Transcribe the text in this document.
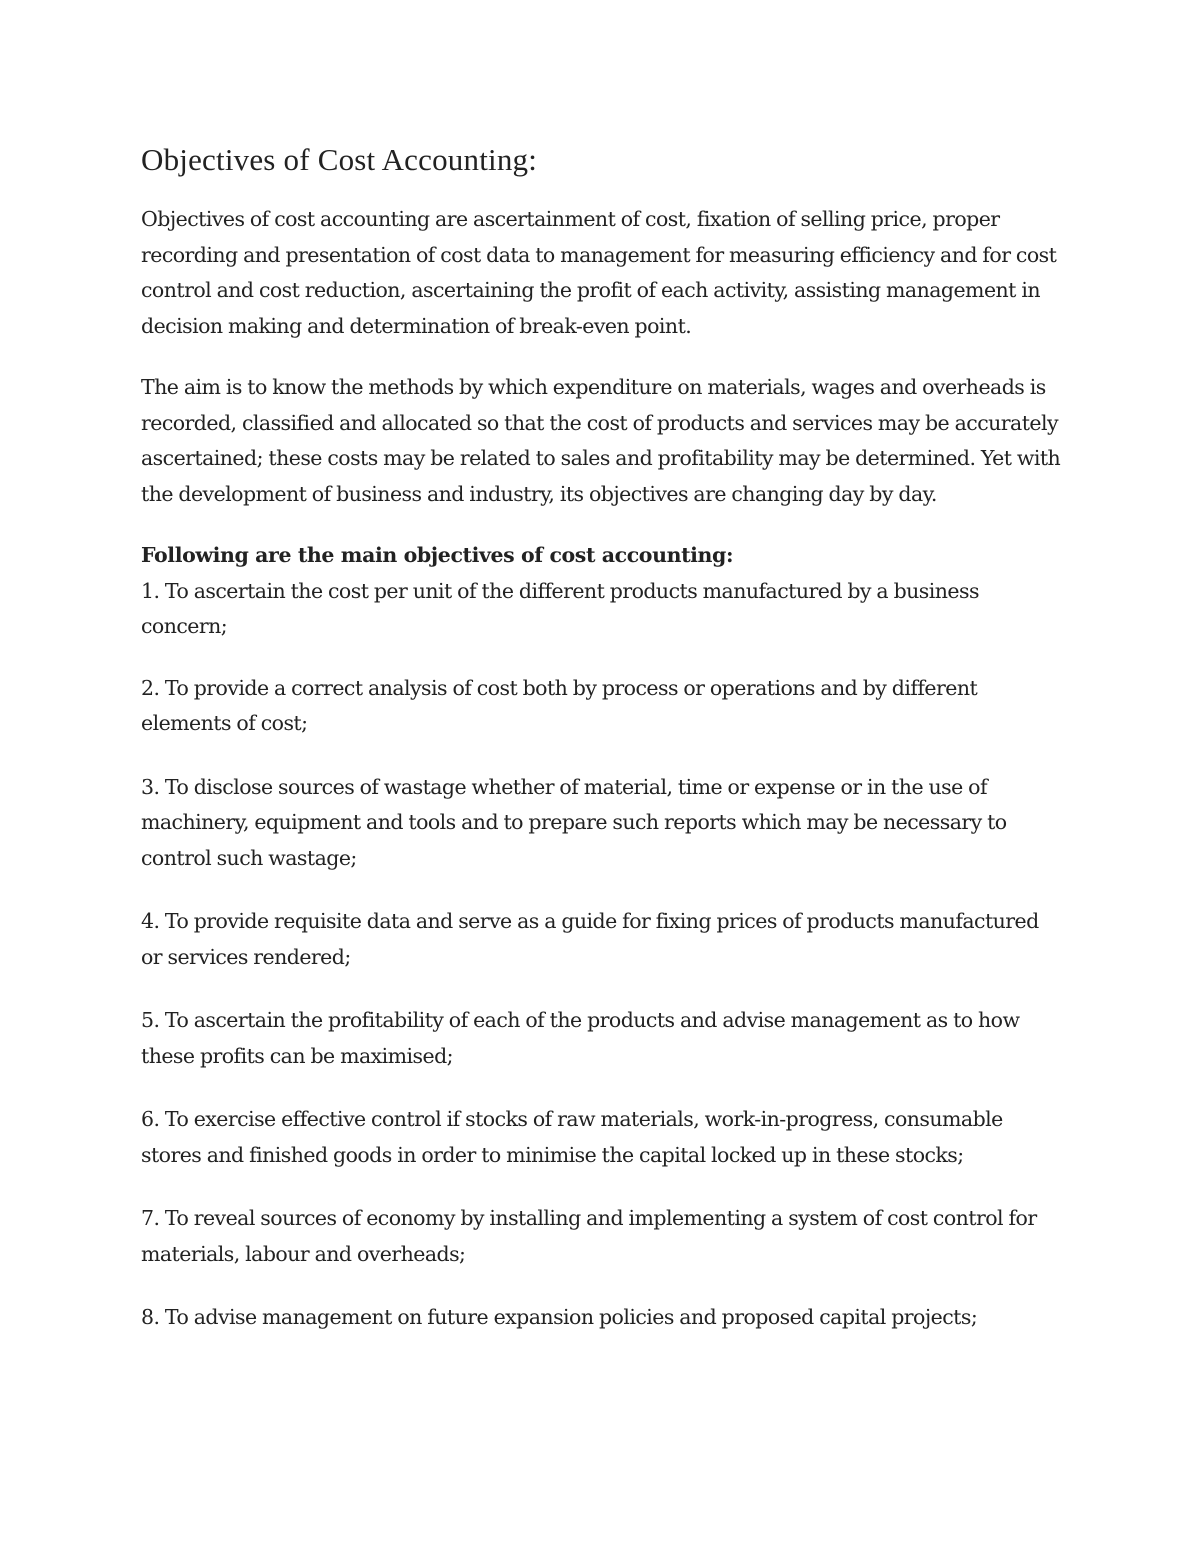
Objectives of Cost Accounting:

Objectives of cost accounting are ascertainment of cost, fixation of selling price, proper recording and presentation of cost data to management for measuring efficiency and for cost control and cost reduction, ascertaining the profit of each activity, assisting management in decision making and determination of break-even point.

The aim is to know the methods by which expenditure on materials, wages and overheads is recorded, classified and allocated so that the cost of products and services may be accurately ascertained; these costs may be related to sales and profitability may be determined. Yet with the development of business and industry, its objectives are changing day by day.

Following are the main objectives of cost accounting:
1. To ascertain the cost per unit of the different products manufactured by a business concern;
2. To provide a correct analysis of cost both by process or operations and by different elements of cost;
3. To disclose sources of wastage whether of material, time or expense or in the use of machinery, equipment and tools and to prepare such reports which may be necessary to control such wastage;
4. To provide requisite data and serve as a guide for fixing prices of products manufactured or services rendered;
5. To ascertain the profitability of each of the products and advise management as to how these profits can be maximised;
6. To exercise effective control if stocks of raw materials, work-in-progress, consumable stores and finished goods in order to minimise the capital locked up in these stocks;
7. To reveal sources of economy by installing and implementing a system of cost control for materials, labour and overheads;
8. To advise management on future expansion policies and proposed capital projects;
